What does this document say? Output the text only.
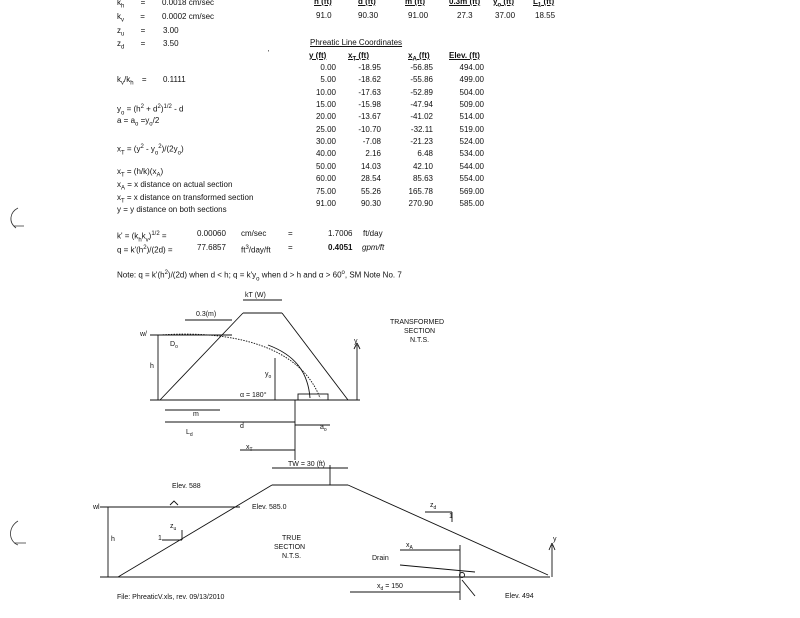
$k_h = 0.0018$ cm/sec
$k_v = 0.0002$ cm/sec
$z_u = 3.00$
$z_d = 3.50$
$k_v/k_h = 0.1111$
h (ft)	d (ft)	m (ft)	0.3m (ft) $y_o$ (ft) $L_1$ (ft)
91.0	90.30	91.00	27.3	37.00 18.55
'
Phreatic Line Coordinates
y (ft)	$x_T$ (ft)	$x_A$ (ft) Elev. (ft)
0.00	-18.95	-56.85	494.00
5.00	-18.62	-55.86	499.00
10.00	-17.63	-52.89	504.00
15.00	-15.98	-47.94	509.00
20.00	-13.67	-41.02	514.00
25.00	-10.70	-32.11	519.00
30.00	-7.08	-21.23	524.00
40.00	2.16	6.48	534.00
50.00	14.03	42.10	544.00
60.00	28.54	85.63	554.00
75.00	55.26	165.78	569.00
91.00	90.30	270.90	585.00
$y_o = (h^2 + d^2)^{1/2} - d$
$a = a_o =y_o/2$
$x_T = (y^2 - y_o^2)/(2y_o)$
$x_T = (h/k)(x_A)$
$x_A = x$ distance on actual section
$x_T = x$ distance on transformed section
y = y distance on both sections
$k' = (k_hk_v)^{1/2}$ =	0.00060 cm/sec	=	1.7006 ft/day
$q = k'(h^2)/(2d)$ =	77.6857 $ft^3/day/ft$ =	0.4051 gpm/ft
Note: $q = k'(h^2)/(2d)$ when d < h; $q = k'y_o$ when d > h and $\alpha > 60^o$, SM Note No. 7
kT (W)
0.3(m)
w/
$D_o$
h
$y_o$
α = 180°
m
$L_d$
d	$a_o$
$x_T$
y
TRANSFORMED
SECTION
N.T.S.
TW = 30 (ft)
Elev. 588
Elev. 585.0
wl
h
$z_u$
1
$z_d$
1
TRUE
SECTION
N.T.S.	Drain
$x_A$
$x_d = 150$
Elev. 494
y
File: PhreaticV.xls, rev. 09/13/2010
